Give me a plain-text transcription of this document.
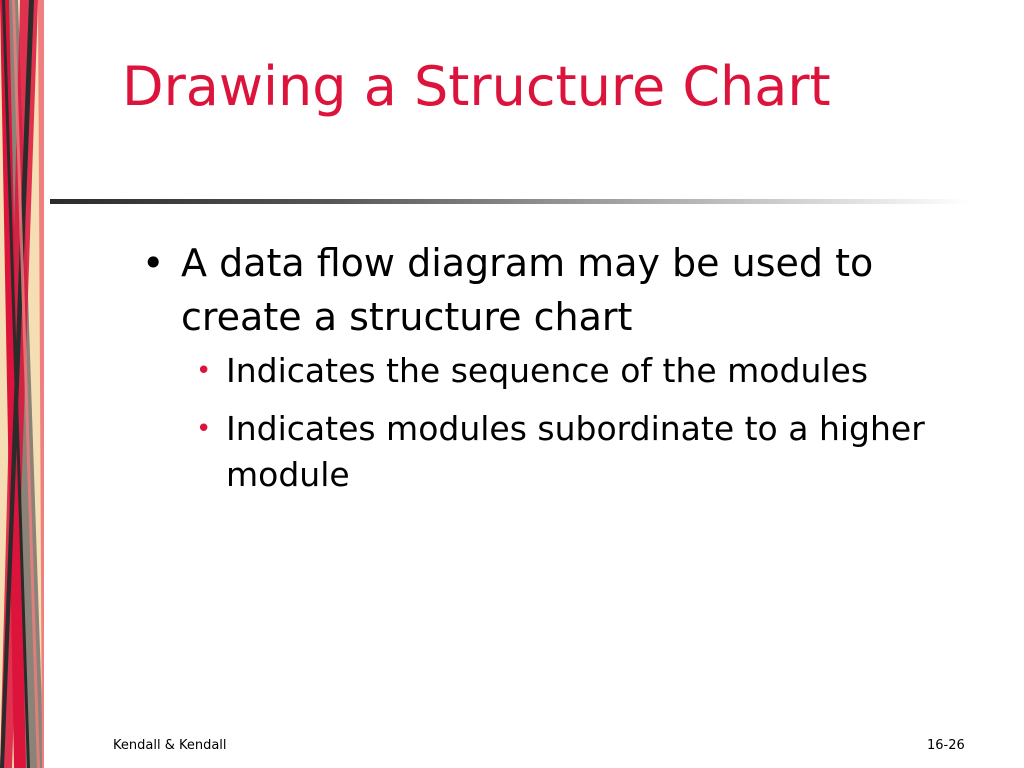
Drawing a Structure Chart
• A data flow diagram may be used to create a structure chart
• Indicates the sequence of the modules
• Indicates modules subordinate to a higher module
Kendall & Kendall	16-26
